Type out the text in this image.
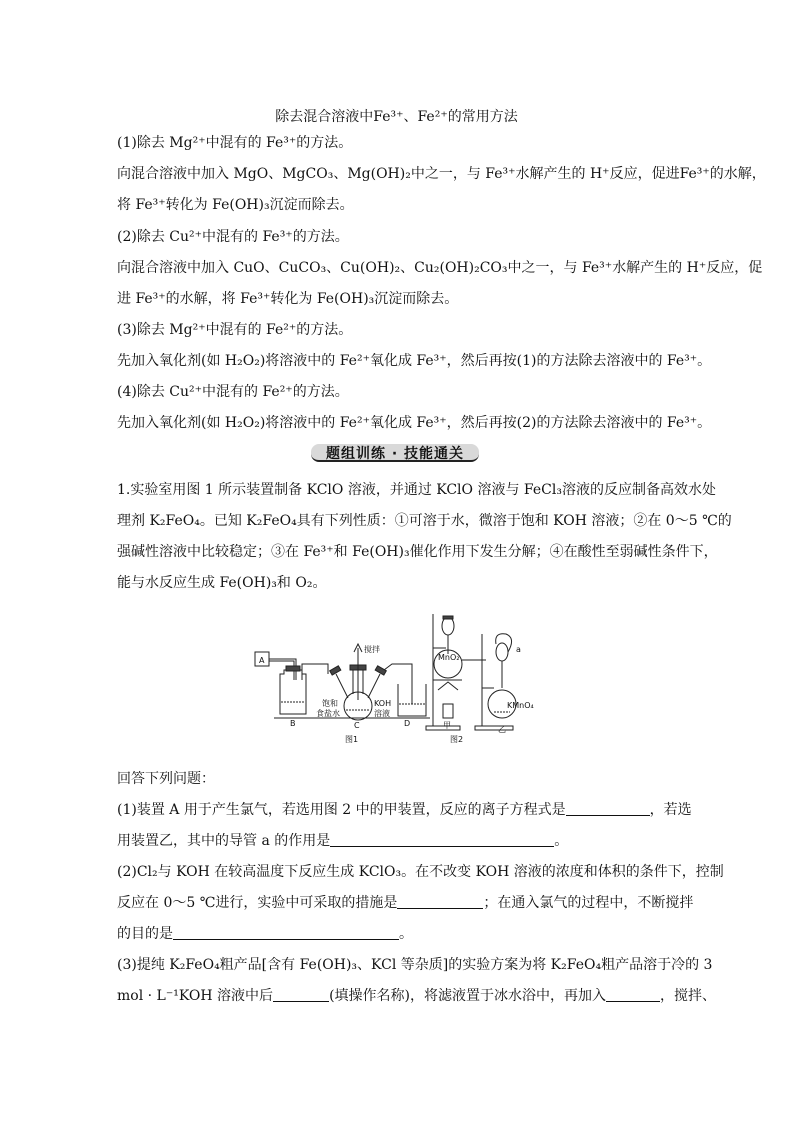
除去混合溶液中Fe³⁺、Fe²⁺的常用方法
(1)除去 Mg²⁺中混有的 Fe³⁺的方法。
向混合溶液中加入 MgO、MgCO₃、Mg(OH)₂中之一，与 Fe³⁺水解产生的 H⁺反应，促进Fe³⁺的水解，
将 Fe³⁺转化为 Fe(OH)₃沉淀而除去。
(2)除去 Cu²⁺中混有的 Fe³⁺的方法。
向混合溶液中加入 CuO、CuCO₃、Cu(OH)₂、Cu₂(OH)₂CO₃中之一，与 Fe³⁺水解产生的 H⁺反应，促
进 Fe³⁺的水解，将 Fe³⁺转化为 Fe(OH)₃沉淀而除去。
(3)除去 Mg²⁺中混有的 Fe²⁺的方法。
先加入氧化剂(如 H₂O₂)将溶液中的 Fe²⁺氧化成 Fe³⁺，然后再按(1)的方法除去溶液中的 Fe³⁺。
(4)除去 Cu²⁺中混有的 Fe²⁺的方法。
先加入氧化剂(如 H₂O₂)将溶液中的 Fe²⁺氧化成 Fe³⁺，然后再按(2)的方法除去溶液中的 Fe³⁺。
题组训练 · 技能通关
1.实验室用图 1 所示装置制备 KClO 溶液，并通过 KClO 溶液与 FeCl₃溶液的反应制备高效水处
理剂 K₂FeO₄。已知 K₂FeO₄具有下列性质：①可溶于水，微溶于饱和 KOH 溶液；②在 0～5 ℃的
强碱性溶液中比较稳定；③在 Fe³⁺和 Fe(OH)₃催化作用下发生分解；④在酸性至弱碱性条件下，
能与水反应生成 Fe(OH)₃和 O₂。
A
B	C	D
搅拌
饱和
食盐水
KOH
溶液
MnO₂
KMnO₄
a
甲	乙
图1	图2
回答下列问题：
(1)装置 A 用于产生氯气，若选用图 2 中的甲装置，反应的离子方程式是	，若选
用装置乙，其中的导管 a 的作用是	。
(2)Cl₂与 KOH 在较高温度下反应生成 KClO₃。在不改变 KOH 溶液的浓度和体积的条件下，控制
反应在 0～5 ℃进行，实验中可采取的措施是	；在通入氯气的过程中，不断搅拌
的目的是	。
(3)提纯 K₂FeO₄粗产品[含有 Fe(OH)₃、KCl 等杂质]的实验方案为将 K₂FeO₄粗产品溶于冷的 3
mol · L⁻¹KOH 溶液中后	(填操作名称)，将滤液置于冰水浴中，再加入	，搅拌、
